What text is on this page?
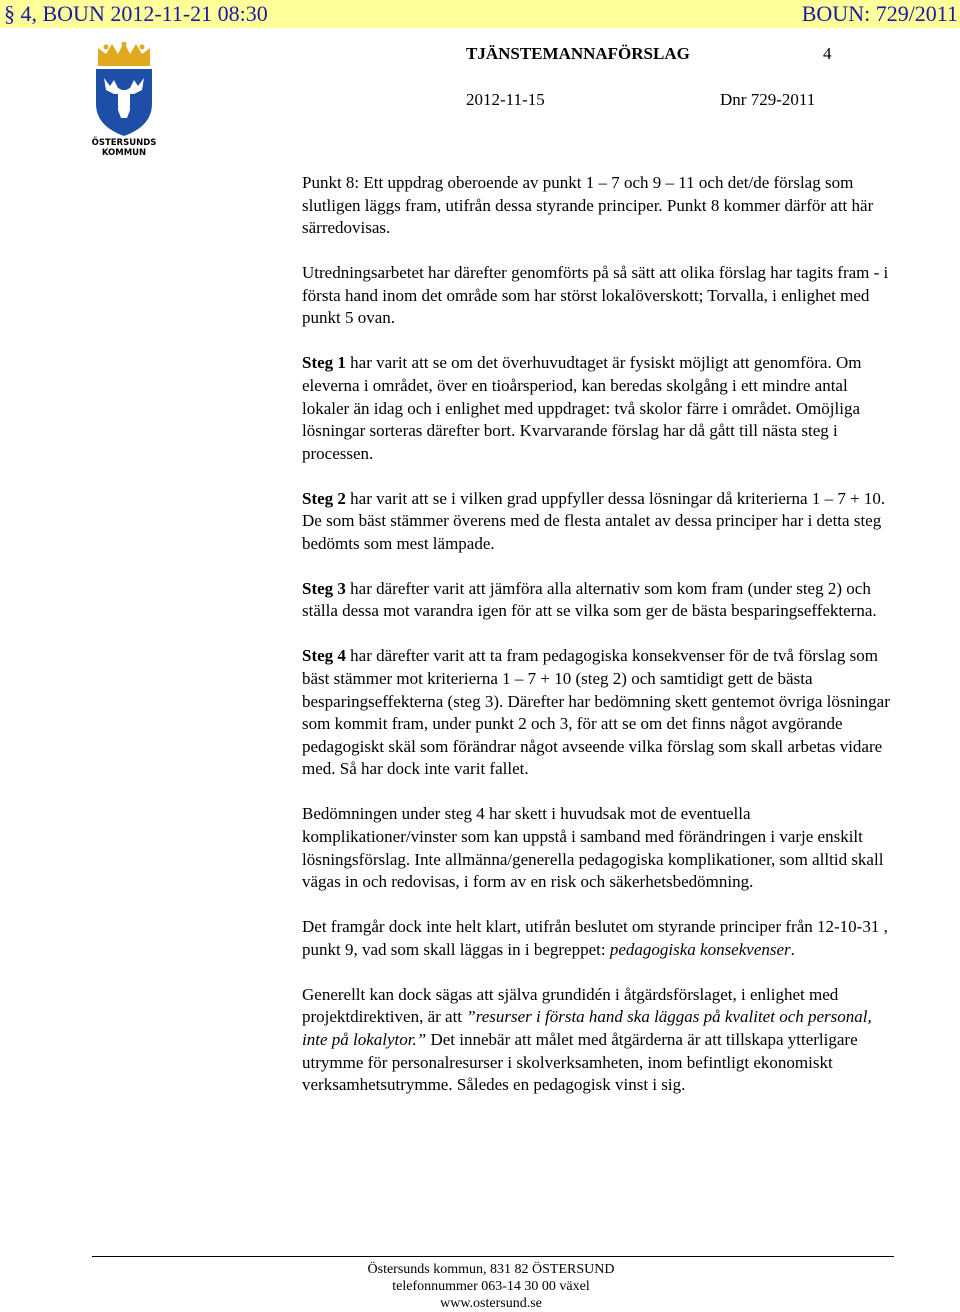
§ 4, BOUN 2012-11-21 08:30	BOUN: 729/2011
ÖSTERSUNDS
KOMMUN
TJÄNSTEMANNAFÖRSLAG	4
2012-11-15	Dnr 729-2011

Punkt 8: Ett uppdrag oberoende av punkt 1 – 7 och 9 – 11 och det/de förslag som slutligen läggs fram, utifrån dessa styrande principer. Punkt 8 kommer därför att här särredovisas.

Utredningsarbetet har därefter genomförts på så sätt att olika förslag har tagits fram - i första hand inom det område som har störst lokalöverskott; Torvalla, i enlighet med punkt 5 ovan.

Steg 1 har varit att se om det överhuvudtaget är fysiskt möjligt att genomföra. Om eleverna i området, över en tioårsperiod, kan beredas skolgång i ett mindre antal lokaler än idag och i enlighet med uppdraget: två skolor färre i området. Omöjliga lösningar sorteras därefter bort. Kvarvarande förslag har då gått till nästa steg i processen.

Steg 2 har varit att se i vilken grad uppfyller dessa lösningar då kriterierna 1 – 7 + 10. De som bäst stämmer överens med de flesta antalet av dessa principer har i detta steg bedömts som mest lämpade.

Steg 3 har därefter varit att jämföra alla alternativ som kom fram (under steg 2) och ställa dessa mot varandra igen för att se vilka som ger de bästa besparingseffekterna.

Steg 4 har därefter varit att ta fram pedagogiska konsekvenser för de två förslag som bäst stämmer mot kriterierna 1 – 7 + 10 (steg 2) och samtidigt gett de bästa besparingseffekterna (steg 3). Därefter har bedömning skett gentemot övriga lösningar som kommit fram, under punkt 2 och 3, för att se om det finns något avgörande pedagogiskt skäl som förändrar något avseende vilka förslag som skall arbetas vidare med. Så har dock inte varit fallet.

Bedömningen under steg 4 har skett i huvudsak mot de eventuella komplikationer/vinster som kan uppstå i samband med förändringen i varje enskilt lösningsförslag. Inte allmänna/generella pedagogiska komplikationer, som alltid skall vägas in och redovisas, i form av en risk och säkerhetsbedömning.

Det framgår dock inte helt klart, utifrån beslutet om styrande principer från 12-10-31 , punkt 9, vad som skall läggas in i begreppet: pedagogiska konsekvenser.

Generellt kan dock sägas att själva grundidén i åtgärdsförslaget, i enlighet med projektdirektiven, är att ”resurser i första hand ska läggas på kvalitet och personal, inte på lokalytor.” Det innebär att målet med åtgärderna är att tillskapa ytterligare utrymme för personalresurser i skolverksamheten, inom befintligt ekonomiskt verksamhetsutrymme. Således en pedagogisk vinst i sig.

Östersunds kommun, 831 82 ÖSTERSUND
telefonnummer 063-14 30 00 växel
www.ostersund.se
